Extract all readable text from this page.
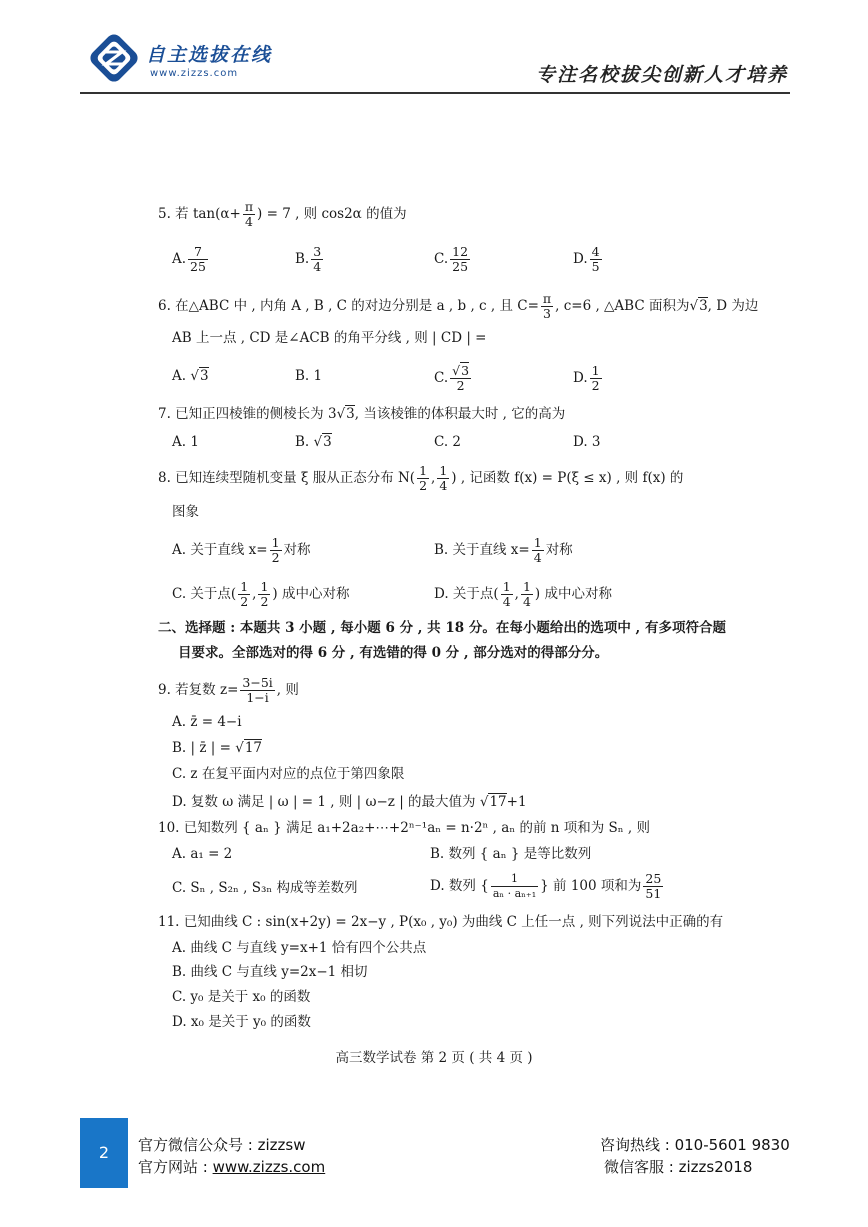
自主选拔在线
www.zizzs.com	专注名校拔尖创新人才培养
5. 若 $\tan(\alpha+ \frac{\pi}{4}$ ) = 7 , 则 cos2α 的值为
A. $\frac{7}{25}$	B. $\frac{3}{4}$	C. $\frac{12}{25}$	D. $\frac{4}{5}$
6. 在△ABC 中 , 内角 A , B , C 的对边分别是 a , b , c , 且 $C= \frac{\pi}{3}$ , c=6 , △ABC 面积为√3, D 为边
AB 上一点 , CD 是∠ACB 的角平分线 , 则 | CD | =
A. √3	B. 1	C. $\frac{√3}{2}$	D. $\frac{1}{2}$
7. 已知正四棱锥的侧棱长为 3√3, 当该棱锥的体积最大时 , 它的高为
A. 1	B. √3	C. 2	D. 3
8. 已知连续型随机变量 ξ 服从正态分布 $N( \frac{1}{2}$ , $\frac{1}{4}$ ) , 记函数 f(x) = P(ξ ≤ x) , 则 f(x) 的
图象
A. 关于直线 $x= \frac{1}{2}$ 对称	B. 关于直线 $x= \frac{1}{4}$ 对称
C. 关于点( $\frac{1}{2}$ , $\frac{1}{2}$ ) 成中心对称	D. 关于点( $\frac{1}{4}$ , $\frac{1}{4}$ ) 成中心对称
二、选择题 : 本题共 3 小题 , 每小题 6 分 , 共 18 分。在每小题给出的选项中 , 有多项符合题
目要求。全部选对的得 6 分 , 有选错的得 0 分 , 部分选对的得部分分。
9. 若复数 $z= \frac{3-5i}{1-i}$ , 则
A. z̄ = 4−i
B. | z̄ | = √17
C. z 在复平面内对应的点位于第四象限
D. 复数 ω 满足 | ω | = 1 , 则 | ω−z | 的最大值为 √17+1
10. 已知数列 { aₙ } 满足 a₁+2a₂+⋯+2ⁿ⁻¹aₙ = n·2ⁿ , aₙ 的前 n 项和为 Sₙ , 则
A. a₁ = 2	B. 数列 { aₙ } 是等比数列
C. Sₙ , S₂ₙ , S₃ₙ 构成等差数列	D. 数列 { $\frac{1}{\text{aₙ · aₙ₊₁}}$ } 前 100 项和为 $\frac{25}{51}$
11. 已知曲线 C : sin(x+2y) = 2x−y , P(x₀ , y₀) 为曲线 C 上任一点 , 则下列说法中正确的有
A. 曲线 C 与直线 y=x+1 恰有四个公共点
B. 曲线 C 与直线 y=2x−1 相切
C. y₀ 是关于 x₀ 的函数
D. x₀ 是关于 y₀ 的函数
高三数学试卷 第 2 页 ( 共 4 页 )
2	官方微信公众号 : zizzsw
官方网站 : www.zizzs.com
咨询热线 : 010-5601 9830
微信客服 : zizzs2018
